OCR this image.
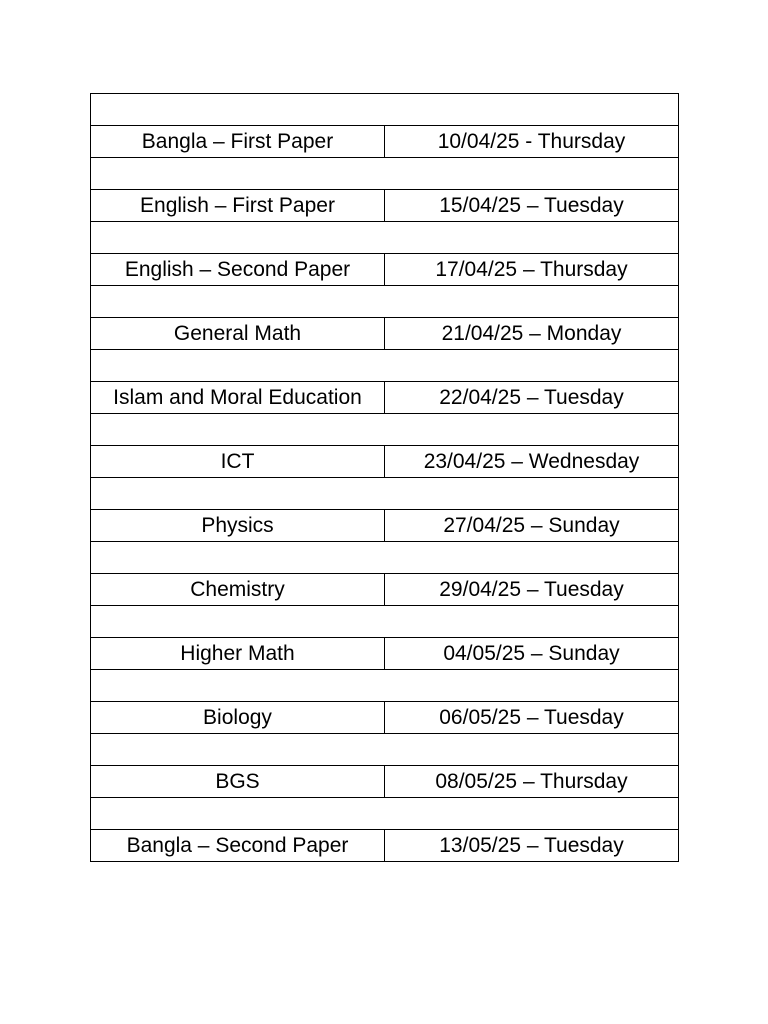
Bangla – First Paper	10/04/25 - Thursday

English – First Paper	15/04/25 – Tuesday

English – Second Paper	17/04/25 – Thursday

General Math	21/04/25 – Monday

Islam and Moral Education	22/04/25 – Tuesday

ICT	23/04/25 – Wednesday

Physics	27/04/25 – Sunday

Chemistry	29/04/25 – Tuesday

Higher Math	04/05/25 – Sunday

Biology	06/05/25 – Tuesday

BGS	08/05/25 – Thursday

Bangla – Second Paper	13/05/25 – Tuesday
